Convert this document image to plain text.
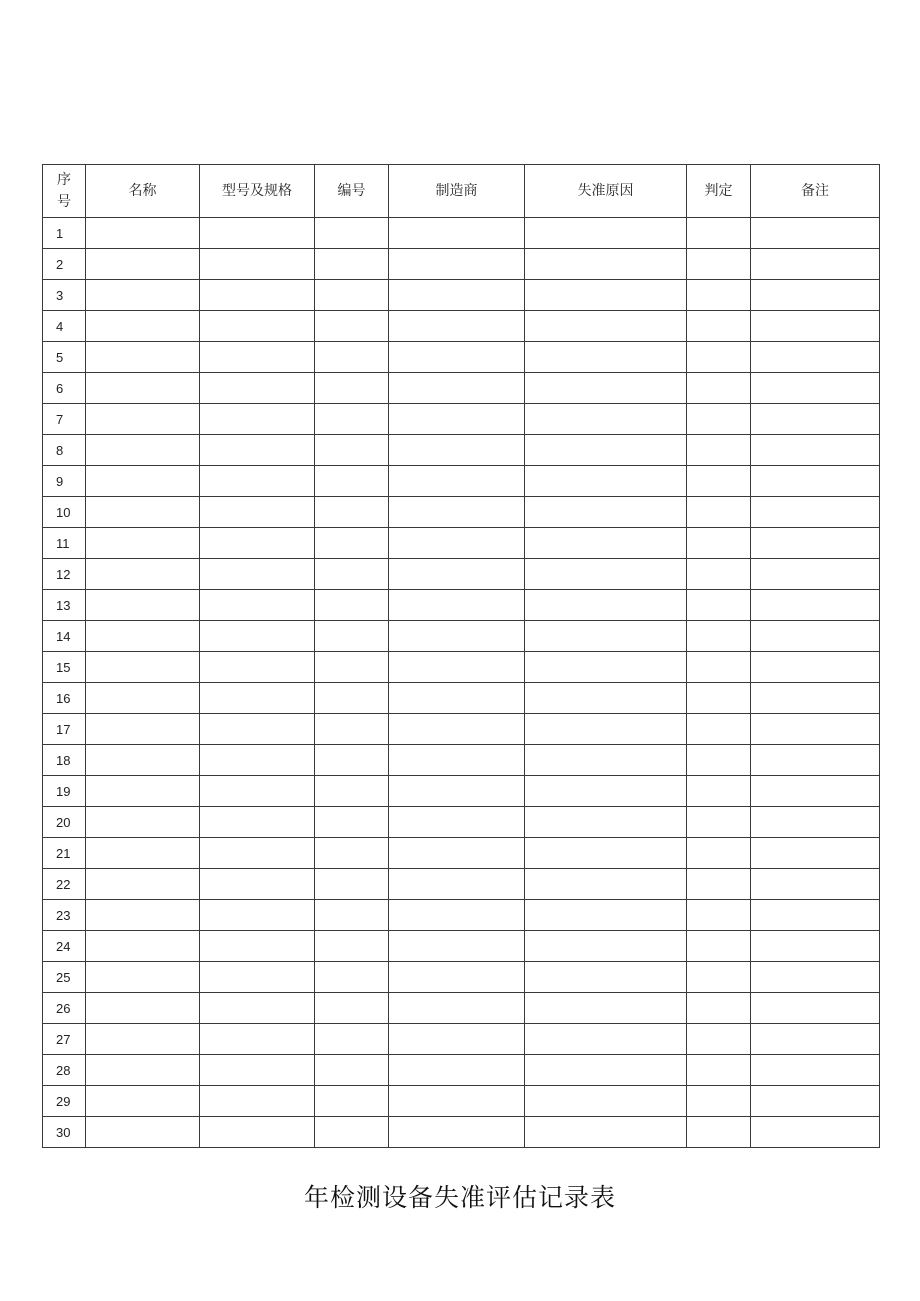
序
号	名称	型号及规格	编号	制造商	失准原因	判定	备注
1							
2							
3							
4							
5							
6							
7							
8							
9							
10							
11							
12							
13							
14							
15							
16							
17							
18							
19							
20							
21							
22							
23							
24							
25							
26							
27							
28							
29							
30							
年检测设备失准评估记录表
